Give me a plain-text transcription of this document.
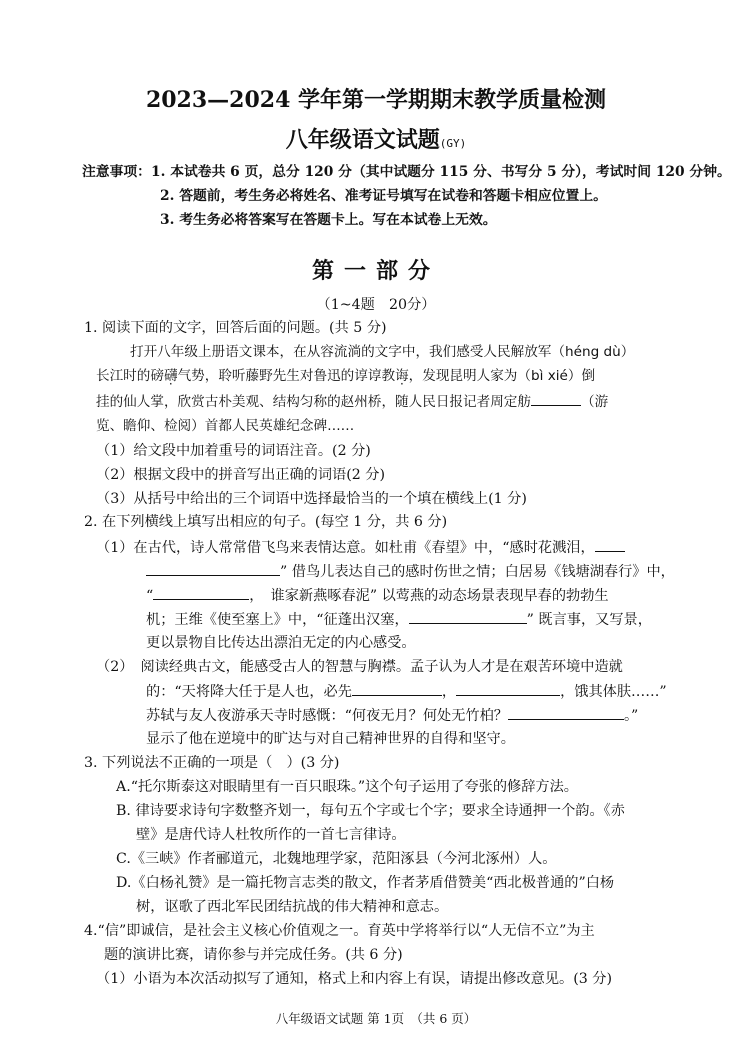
2023—2024 学年第一学期期末教学质量检测
八年级语文试题(GY)
注意事项：1. 本试卷共 6 页，总分 120 分（其中试题分 115 分、书写分 5 分），考试时间 120 分钟。
2. 答题前，考生务必将姓名、准考证号填写在试卷和答题卡相应位置上。
3. 考生务必将答案写在答题卡上。写在本试卷上无效。
第一部分
（1~4题　20分）
1. 阅读下面的文字，回答后面的问题。(共 5 分)
打开八年级上册语文课本，在从容流淌的文字中，我们感受人民解放军（héng dù）
长江时的磅礴气势，聆听藤野先生对鲁迅的谆谆教诲，发现昆明人家为（bì xié）倒
挂的仙人掌，欣赏古朴美观、结构匀称的赵州桥，随人民日报记者周定舫	（游
览、瞻仰、检阅）首都人民英雄纪念碑……
（1）给文段中加着重号的词语注音。(2 分)
（2）根据文段中的拼音写出正确的词语(2 分)
（3）从括号中给出的三个词语中选择最恰当的一个填在横线上(1 分)
2. 在下列横线上填写出相应的句子。(每空 1 分，共 6 分)
（1）在古代，诗人常常借飞鸟来表情达意。如杜甫《春望》中，“感时花溅泪，
” 借鸟儿表达自己的感时伤世之情；白居易《钱塘湖春行》中，
“	，　谁家新燕啄春泥” 以莺燕的动态场景表现早春的勃勃生
机；王维《使至塞上》中，“征蓬出汉塞，	” 既言事，又写景，
更以景物自比传达出漂泊无定的内心感受。
（2）　阅读经典古文，能感受古人的智慧与胸襟。孟子认为人才是在艰苦环境中造就
的：“天将降大任于是人也，必先	，	，饿其体肤……”
苏轼与友人夜游承天寺时感慨：“何夜无月？何处无竹柏？	。”
显示了他在逆境中的旷达与对自己精神世界的自得和坚守。
3. 下列说法不正确的一项是（　）(3 分)
A.“托尔斯泰这对眼睛里有一百只眼珠。”这个句子运用了夸张的修辞方法。
B. 律诗要求诗句字数整齐划一，每句五个字或七个字；要求全诗通押一个韵。《赤
壁》是唐代诗人杜牧所作的一首七言律诗。
C.《三峡》作者郦道元，北魏地理学家，范阳涿县（今河北涿州）人。
D.《白杨礼赞》是一篇托物言志类的散文，作者茅盾借赞美“西北极普通的”白杨
树，讴歌了西北军民团结抗战的伟大精神和意志。
4.“信”即诚信，是社会主义核心价值观之一。育英中学将举行以“人无信不立”为主
题的演讲比赛，请你参与并完成任务。(共 6 分)
（1）小语为本次活动拟写了通知，格式上和内容上有误，请提出修改意见。(3 分)
八年级语文试题 第 1页　（共 6 页）
